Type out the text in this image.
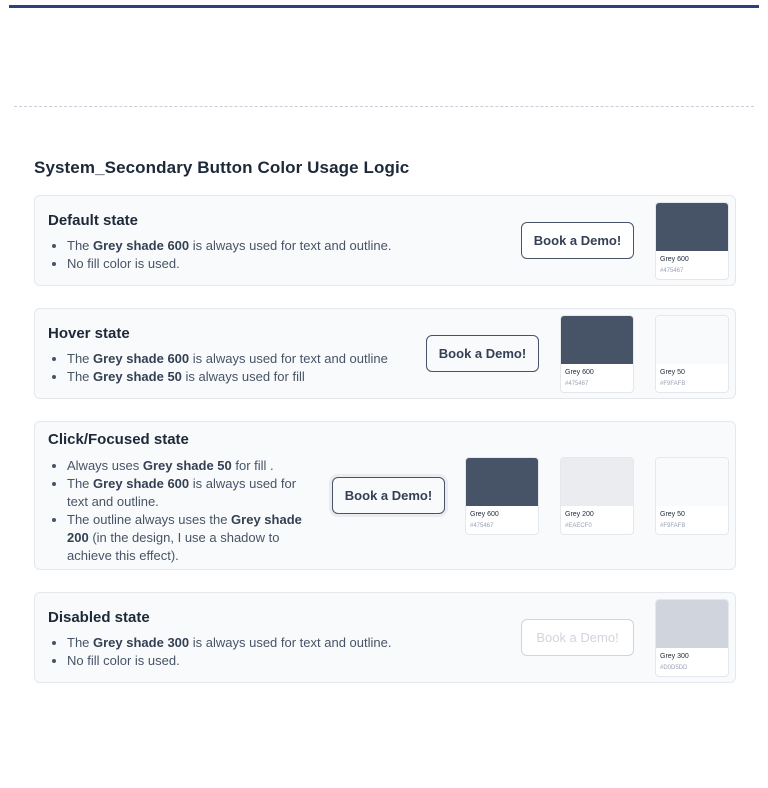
System_Secondary Button Color Usage Logic
Default state
• The Grey shade 600 is always used for text and outline.
• No fill color is used.
Book a Demo!
Grey 600
#475467
Hover state
• The Grey shade 600 is always used for text and outline
• The Grey shade 50 is always used for fill
Book a Demo!
Grey 600
#475467
Grey 50
#F9FAFB
Click/Focused state
• Always uses Grey shade 50 for fill .
• The Grey shade 600 is always used for text and outline.
• The outline always uses the Grey shade 200 (in the design, I use a shadow to achieve this effect).
Book a Demo!
Grey 600
#475467
Grey 200
#EAECF0
Grey 50
#F9FAFB
Disabled state
• The Grey shade 300 is always used for text and outline.
• No fill color is used.
Book a Demo!
Grey 300
#D0D5DD
